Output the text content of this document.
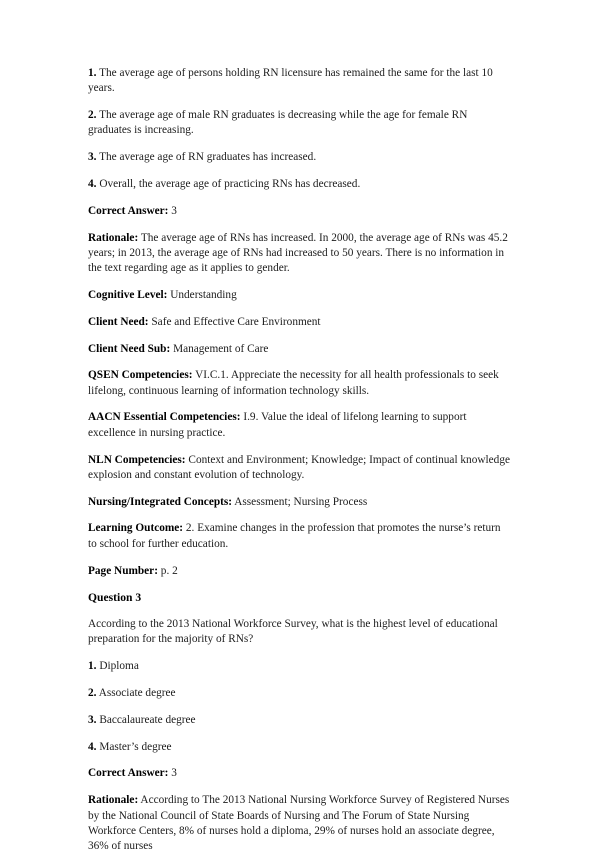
1. The average age of persons holding RN licensure has remained the same for the last 10 years.

2. The average age of male RN graduates is decreasing while the age for female RN graduates is increasing.

3. The average age of RN graduates has increased.

4. Overall, the average age of practicing RNs has decreased.

Correct Answer: 3

Rationale: The average age of RNs has increased. In 2000, the average age of RNs was 45.2 years; in 2013, the average age of RNs had increased to 50 years. There is no information in the text regarding age as it applies to gender.

Cognitive Level: Understanding

Client Need: Safe and Effective Care Environment

Client Need Sub: Management of Care

QSEN Competencies: VI.C.1. Appreciate the necessity for all health professionals to seek lifelong, continuous learning of information technology skills.

AACN Essential Competencies: I.9. Value the ideal of lifelong learning to support excellence in nursing practice.

NLN Competencies: Context and Environment; Knowledge; Impact of continual knowledge explosion and constant evolution of technology.

Nursing/Integrated Concepts: Assessment; Nursing Process

Learning Outcome: 2. Examine changes in the profession that promotes the nurse’s return to school for further education.

Page Number: p. 2

Question 3

According to the 2013 National Workforce Survey, what is the highest level of educational preparation for the majority of RNs?

1. Diploma

2. Associate degree

3. Baccalaureate degree

4. Master’s degree

Correct Answer: 3

Rationale: According to The 2013 National Nursing Workforce Survey of Registered Nurses by the National Council of State Boards of Nursing and The Forum of State Nursing Workforce Centers, 8% of nurses hold a diploma, 29% of nurses hold an associate degree, 36% of nurses
